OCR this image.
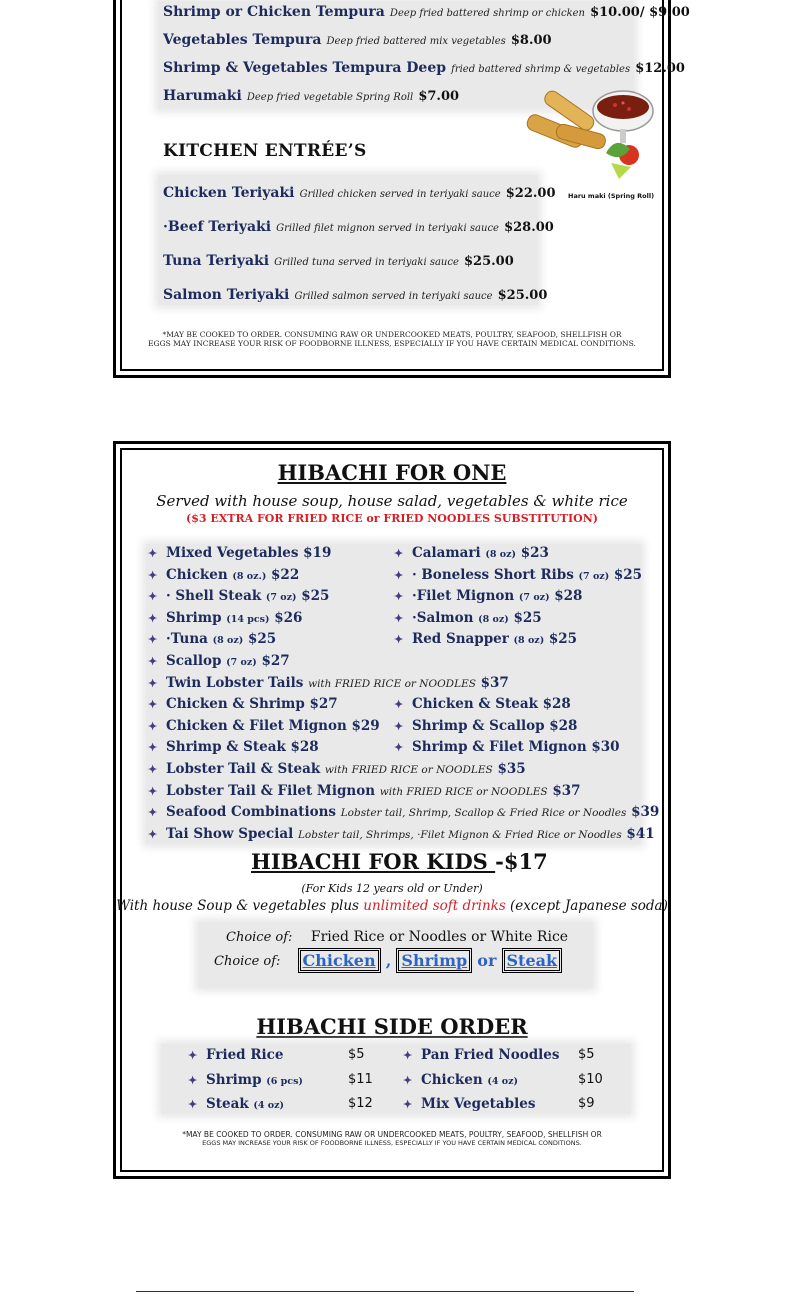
Shrimp or Chicken Tempura Deep fried battered shrimp or chicken $10.00/ $9.00
Vegetables Tempura Deep fried battered mix vegetables $8.00
Shrimp & Vegetables Tempura Deep fried battered shrimp & vegetables $12.00
Harumaki Deep fried vegetable Spring Roll $7.00
KITCHEN ENTRÉE’S
Haru maki (Spring Roll)
Chicken Teriyaki Grilled chicken served in teriyaki sauce $22.00
·Beef Teriyaki Grilled filet mignon served in teriyaki sauce $28.00
Tuna Teriyaki Grilled tuna served in teriyaki sauce $25.00
Salmon Teriyaki Grilled salmon served in teriyaki sauce $25.00
*MAY BE COOKED TO ORDER. CONSUMING RAW OR UNDERCOOKED MEATS, POULTRY, SEAFOOD, SHELLFISH OR
EGGS MAY INCREASE YOUR RISK OF FOODBORNE ILLNESS, ESPECIALLY IF YOU HAVE CERTAIN MEDICAL CONDITIONS.
HIBACHI FOR ONE
Served with house soup, house salad, vegetables & white rice
($3 EXTRA FOR FRIED RICE or FRIED NOODLES SUBSTITUTION)
✦ Mixed Vegetables $19
✦ Chicken (8 oz.) $22
✦ · Shell Steak (7 oz) $25
✦ Shrimp (14 pcs) $26
✦ ·Tuna (8 oz) $25
✦ Scallop (7 oz) $27
✦ Calamari (8 oz) $23
✦ · Boneless Short Ribs (7 oz) $25
✦ ·Filet Mignon (7 oz) $28
✦ ·Salmon (8 oz) $25
✦ Red Snapper (8 oz) $25
✦ Twin Lobster Tails with FRIED RICE or NOODLES $37
✦ Chicken & Shrimp $27
✦ Chicken & Filet Mignon $29
✦ Shrimp & Steak $28
✦ Chicken & Steak $28
✦ Shrimp & Scallop $28
✦ Shrimp & Filet Mignon $30
✦ Lobster Tail & Steak with FRIED RICE or NOODLES $35
✦ Lobster Tail & Filet Mignon with FRIED RICE or NOODLES $37
✦ Seafood Combinations Lobster tail, Shrimp, Scallop & Fried Rice or Noodles $39
✦ Tai Show Special Lobster tail, Shrimps, ·Filet Mignon & Fried Rice or Noodles $41
HIBACHI FOR KIDS -$17
(For Kids 12 years old or Under)
With house Soup & vegetables plus unlimited soft drinks (except Japanese soda)
Choice of: Fried Rice or Noodles or White Rice
Choice of: Chicken , Shrimp or Steak
HIBACHI SIDE ORDER
✦ Fried Rice	$5
✦ Shrimp (6 pcs)	$11
✦ Steak (4 oz)	$12
✦ Pan Fried Noodles $5
✦ Chicken (4 oz)	$10
✦ Mix Vegetables	$9
*MAY BE COOKED TO ORDER. CONSUMING RAW OR UNDERCOOKED MEATS, POULTRY, SEAFOOD, SHELLFISH OR
EGGS MAY INCREASE YOUR RISK OF FOODBORNE ILLNESS, ESPECIALLY IF YOU HAVE CERTAIN MEDICAL CONDITIONS.
